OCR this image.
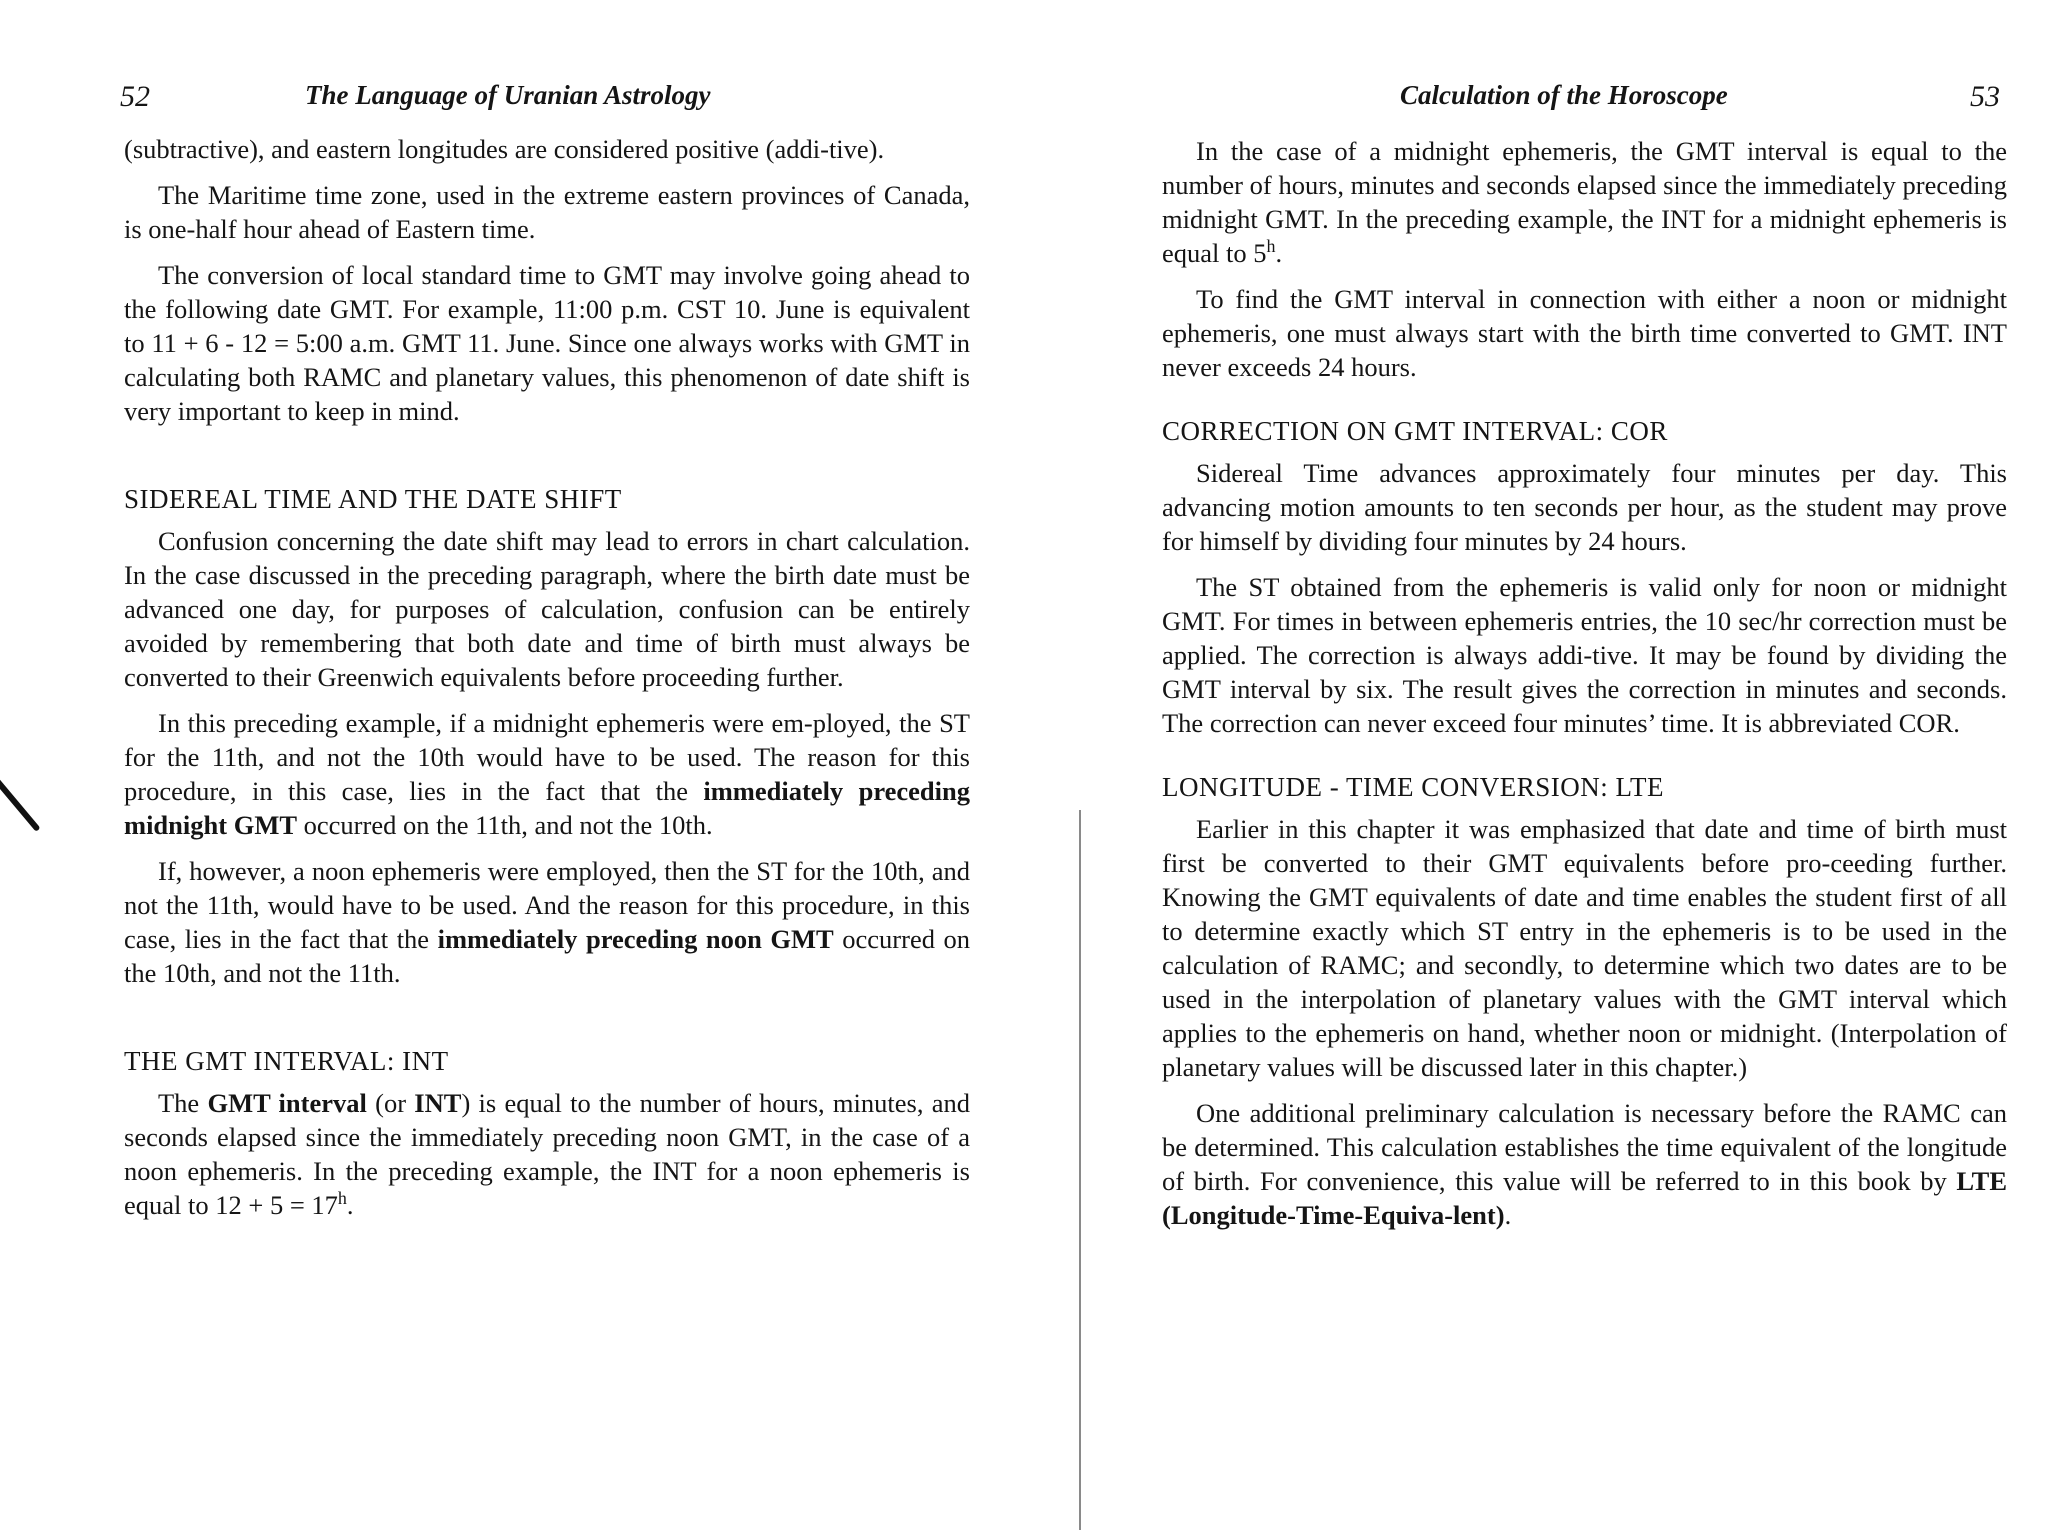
52	The Language of Uranian Astrology

(subtractive), and eastern longitudes are considered positive (addi-tive).

The Maritime time zone, used in the extreme eastern provinces of Canada, is one-half hour ahead of Eastern time.

The conversion of local standard time to GMT may involve going ahead to the following date GMT. For example, 11:00 p.m. CST 10. June is equivalent to 11 + 6 - 12 = 5:00 a.m. GMT 11. June. Since one always works with GMT in calculating both RAMC and planetary values, this phenomenon of date shift is very important to keep in mind.

SIDEREAL TIME AND THE DATE SHIFT

Confusion concerning the date shift may lead to errors in chart calculation. In the case discussed in the preceding paragraph, where the birth date must be advanced one day, for purposes of calculation, confusion can be entirely avoided by remembering that both date and time of birth must always be converted to their Greenwich equivalents before proceeding further.

In this preceding example, if a midnight ephemeris were em-ployed, the ST for the 11th, and not the 10th would have to be used. The reason for this procedure, in this case, lies in the fact that the immediately preceding midnight GMT occurred on the 11th, and not the 10th.

If, however, a noon ephemeris were employed, then the ST for the 10th, and not the 11th, would have to be used. And the reason for this procedure, in this case, lies in the fact that the immediately preceding noon GMT occurred on the 10th, and not the 11th.

THE GMT INTERVAL: INT

The GMT interval (or INT) is equal to the number of hours, minutes, and seconds elapsed since the immediately preceding noon GMT, in the case of a noon ephemeris. In the preceding example, the INT for a noon ephemeris is equal to $12 + 5 = 17^h$.

Calculation of the Horoscope	53

In the case of a midnight ephemeris, the GMT interval is equal to the number of hours, minutes and seconds elapsed since the immediately preceding midnight GMT. In the preceding example, the INT for a midnight ephemeris is equal to 5$^h$.

To find the GMT interval in connection with either a noon or midnight ephemeris, one must always start with the birth time converted to GMT. INT never exceeds 24 hours.

CORRECTION ON GMT INTERVAL: COR

Sidereal Time advances approximately four minutes per day. This advancing motion amounts to ten seconds per hour, as the student may prove for himself by dividing four minutes by 24 hours.

The ST obtained from the ephemeris is valid only for noon or midnight GMT. For times in between ephemeris entries, the 10 sec/hr correction must be applied. The correction is always addi-tive. It may be found by dividing the GMT interval by six. The result gives the correction in minutes and seconds. The correction can never exceed four minutes’ time. It is abbreviated COR.

LONGITUDE - TIME CONVERSION: LTE

Earlier in this chapter it was emphasized that date and time of birth must first be converted to their GMT equivalents before pro-ceeding further. Knowing the GMT equivalents of date and time enables the student first of all to determine exactly which ST entry in the ephemeris is to be used in the calculation of RAMC; and secondly, to determine which two dates are to be used in the interpolation of planetary values with the GMT interval which applies to the ephemeris on hand, whether noon or midnight. (Interpolation of planetary values will be discussed later in this chapter.)

One additional preliminary calculation is necessary before the RAMC can be determined. This calculation establishes the time equivalent of the longitude of birth. For convenience, this value will be referred to in this book by LTE (Longitude-Time-Equiva-lent).
